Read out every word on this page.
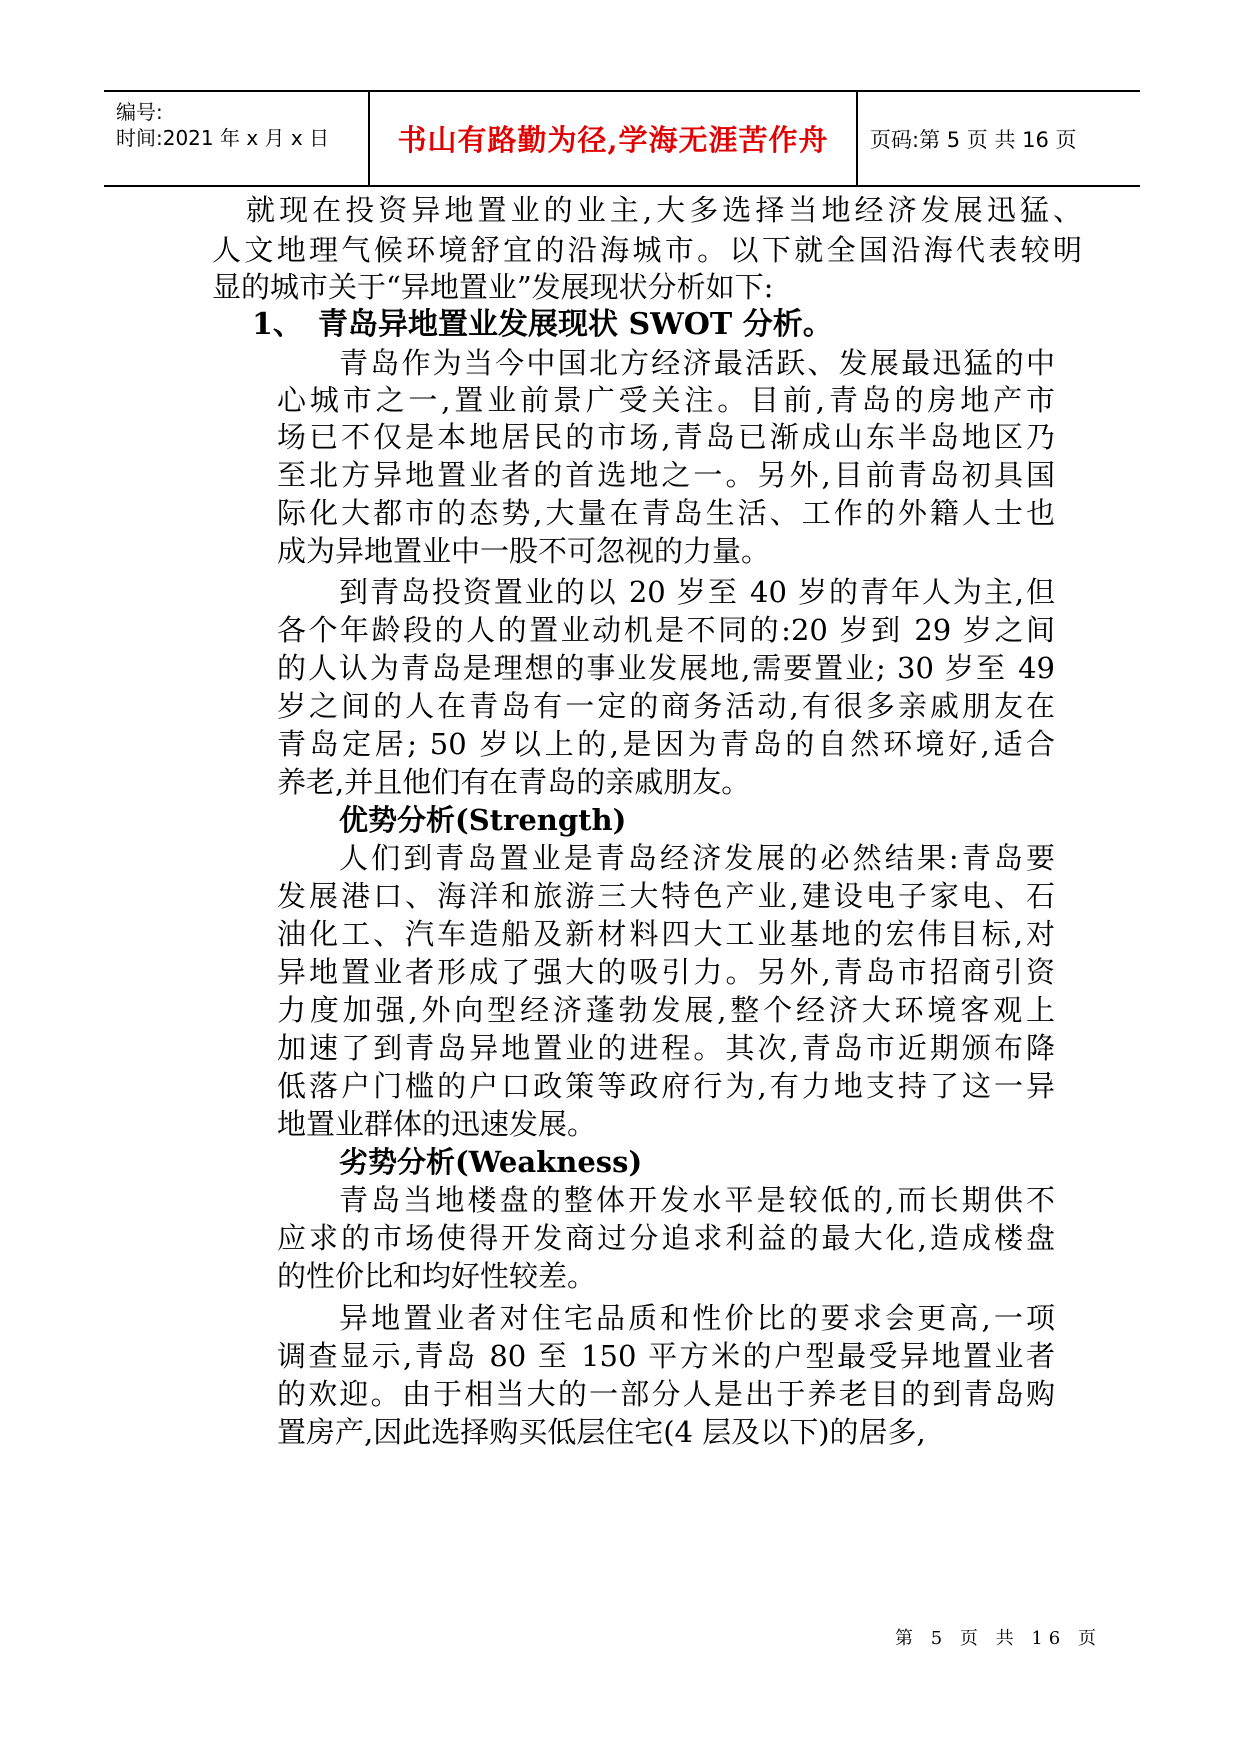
编号:
时间:2021 年 x 月 x 日	书山有路勤为径,学海无涯苦作舟	页码:第 5 页 共 16 页
就现在投资异地置业的业主,大多选择当地经济发展迅猛、
人文地理气候环境舒宜的沿海城市。以下就全国沿海代表较明
显的城市关于“异地置业”发展现状分析如下:
1、 青岛异地置业发展现状 SWOT 分析。
青岛作为当今中国北方经济最活跃、发展最迅猛的中
心城市之一,置业前景广受关注。目前,青岛的房地产市
场已不仅是本地居民的市场,青岛已渐成山东半岛地区乃
至北方异地置业者的首选地之一。另外,目前青岛初具国
际化大都市的态势,大量在青岛生活、工作的外籍人士也
成为异地置业中一股不可忽视的力量。
到青岛投资置业的以 20 岁至 40 岁的青年人为主,但
各个年龄段的人的置业动机是不同的:20 岁到 29 岁之间
的人认为青岛是理想的事业发展地,需要置业; 30 岁至 49
岁之间的人在青岛有一定的商务活动,有很多亲戚朋友在
青岛定居; 50 岁以上的,是因为青岛的自然环境好,适合
养老,并且他们有在青岛的亲戚朋友。
优势分析(Strength)
人们到青岛置业是青岛经济发展的必然结果:青岛要
发展港口、海洋和旅游三大特色产业,建设电子家电、石
油化工、汽车造船及新材料四大工业基地的宏伟目标,对
异地置业者形成了强大的吸引力。另外,青岛市招商引资
力度加强,外向型经济蓬勃发展,整个经济大环境客观上
加速了到青岛异地置业的进程。其次,青岛市近期颁布降
低落户门槛的户口政策等政府行为,有力地支持了这一异
地置业群体的迅速发展。
劣势分析(Weakness)
青岛当地楼盘的整体开发水平是较低的,而长期供不
应求的市场使得开发商过分追求利益的最大化,造成楼盘
的性价比和均好性较差。
异地置业者对住宅品质和性价比的要求会更高,一项
调查显示,青岛 80 至 150 平方米的户型最受异地置业者
的欢迎。由于相当大的一部分人是出于养老目的到青岛购
置房产,因此选择购买低层住宅(4 层及以下)的居多,
第 5 页 共 16 页
